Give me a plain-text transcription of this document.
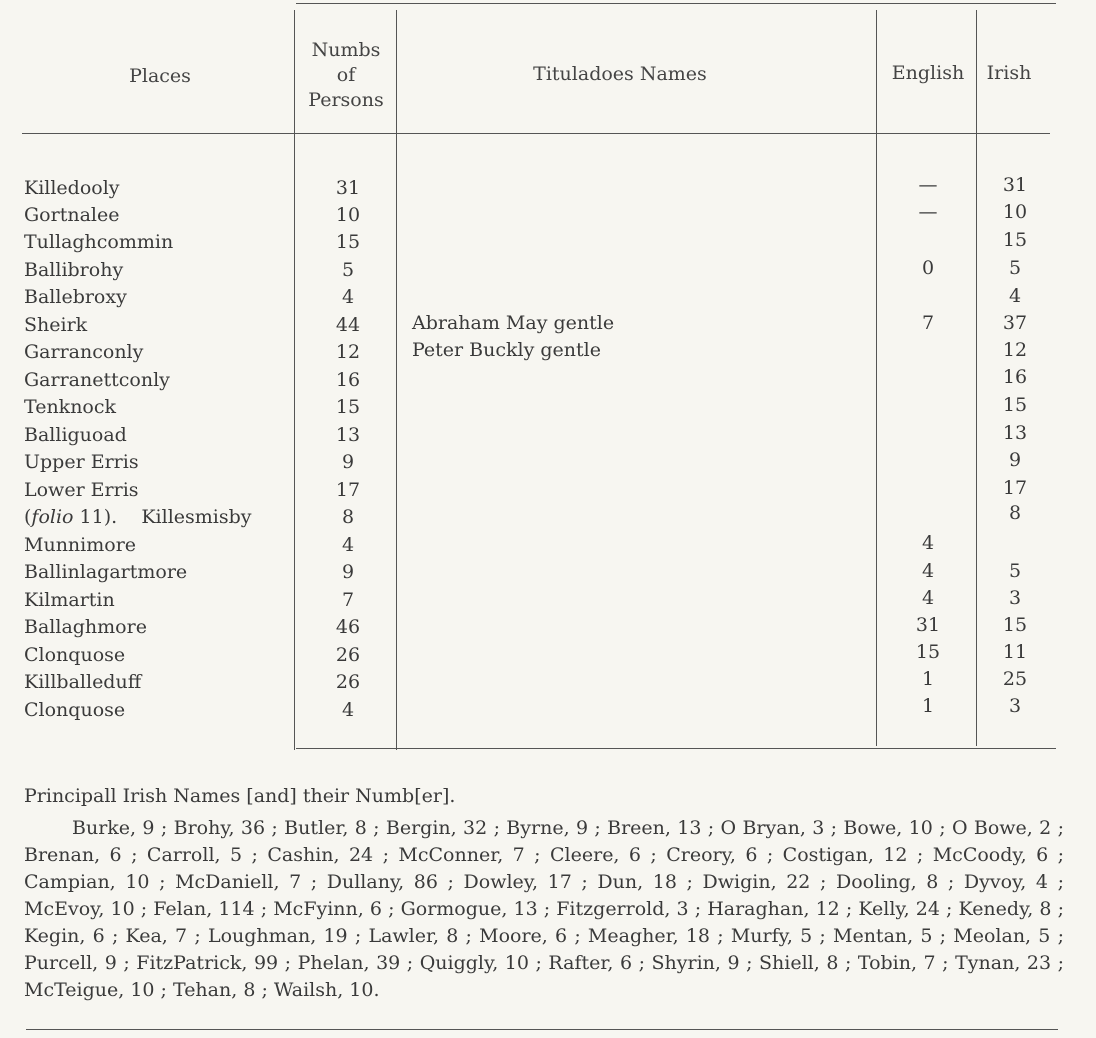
Places
Numbs of Persons
Tituladoes Names	English	Irish
Killedooly
Gortnalee
Tullaghcommin
Ballibrohy
Ballebroxy
Sheirk
Garranconly
Garranettconly
Tenknock
Balliguoad
Upper Erris
Lower Erris
(folio 11). Killesmisby
Munnimore
Ballinlagartmore
Kilmartin
Ballaghmore
Clonquose
Killballeduff
Clonquose
31
10
15
5
4
44
12
16
15
13
9
17
8
4
9
7
46
26
26
4
Abraham May gentle
Peter Buckly gentle
—
—
0
7
4
4
4
31
15
1
1
31
10
15
5
4
37
12
16
15
13
9
17
8
5
3
15
11
25
3

Principall Irish Names [and] their Numb[er].

Burke, 9 ; Brohy, 36 ; Butler, 8 ; Bergin, 32 ; Byrne, 9 ; Breen, 13 ; O Bryan, 3 ; Bowe, 10 ; O Bowe, 2 ; Brenan, 6 ; Carroll, 5 ; Cashin, 24 ; McConner, 7 ; Cleere, 6 ; Creory, 6 ; Costigan, 12 ; McCoody, 6 ; Campian, 10 ; McDaniell, 7 ; Dullany, 86 ; Dowley, 17 ; Dun, 18 ; Dwigin, 22 ; Dooling, 8 ; Dyvoy, 4 ; McEvoy, 10 ; Felan, 114 ; McFyinn, 6 ; Gormogue, 13 ; Fitzgerrold, 3 ; Haraghan, 12 ; Kelly, 24 ; Kenedy, 8 ; Kegin, 6 ; Kea, 7 ; Loughman, 19 ; Lawler, 8 ; Moore, 6 ; Meagher, 18 ; Murfy, 5 ; Mentan, 5 ; Meolan, 5 ; Purcell, 9 ; FitzPatrick, 99 ; Phelan, 39 ; Quiggly, 10 ; Rafter, 6 ; Shyrin, 9 ; Shiell, 8 ; Tobin, 7 ; Tynan, 23 ; McTeigue, 10 ; Tehan, 8 ; Wailsh, 10.
